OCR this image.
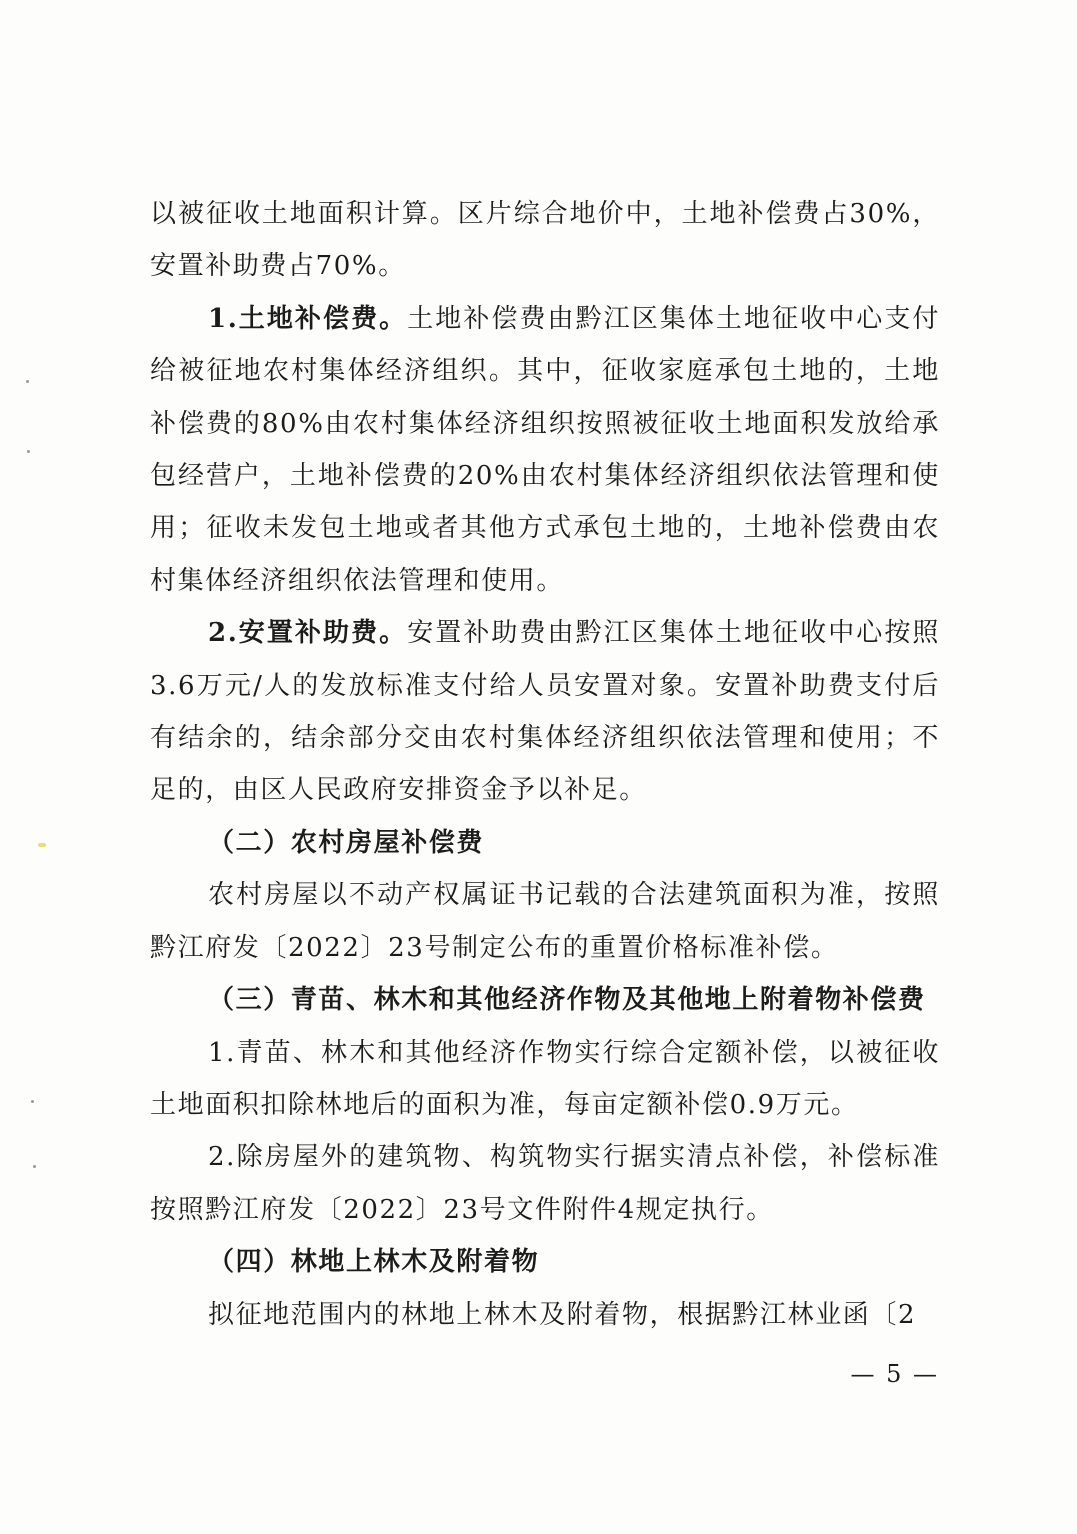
以被征收土地面积计算。区片综合地价中，土地补偿费占30%，安置补助费占70%。

1.土地补偿费。土地补偿费由黔江区集体土地征收中心支付给被征地农村集体经济组织。其中，征收家庭承包土地的，土地补偿费的80%由农村集体经济组织按照被征收土地面积发放给承包经营户，土地补偿费的20%由农村集体经济组织依法管理和使用；征收未发包土地或者其他方式承包土地的，土地补偿费由农村集体经济组织依法管理和使用。

2.安置补助费。安置补助费由黔江区集体土地征收中心按照3.6万元/人的发放标准支付给人员安置对象。安置补助费支付后有结余的，结余部分交由农村集体经济组织依法管理和使用；不足的，由区人民政府安排资金予以补足。

（二）农村房屋补偿费

农村房屋以不动产权属证书记载的合法建筑面积为准，按照黔江府发〔2022〕23号制定公布的重置价格标准补偿。

（三）青苗、林木和其他经济作物及其他地上附着物补偿费

1.青苗、林木和其他经济作物实行综合定额补偿，以被征收土地面积扣除林地后的面积为准，每亩定额补偿0.9万元。

2.除房屋外的建筑物、构筑物实行据实清点补偿，补偿标准按照黔江府发〔2022〕23号文件附件4规定执行。

（四）林地上林木及附着物

拟征地范围内的林地上林木及附着物，根据黔江林业函〔2

— 5 —
